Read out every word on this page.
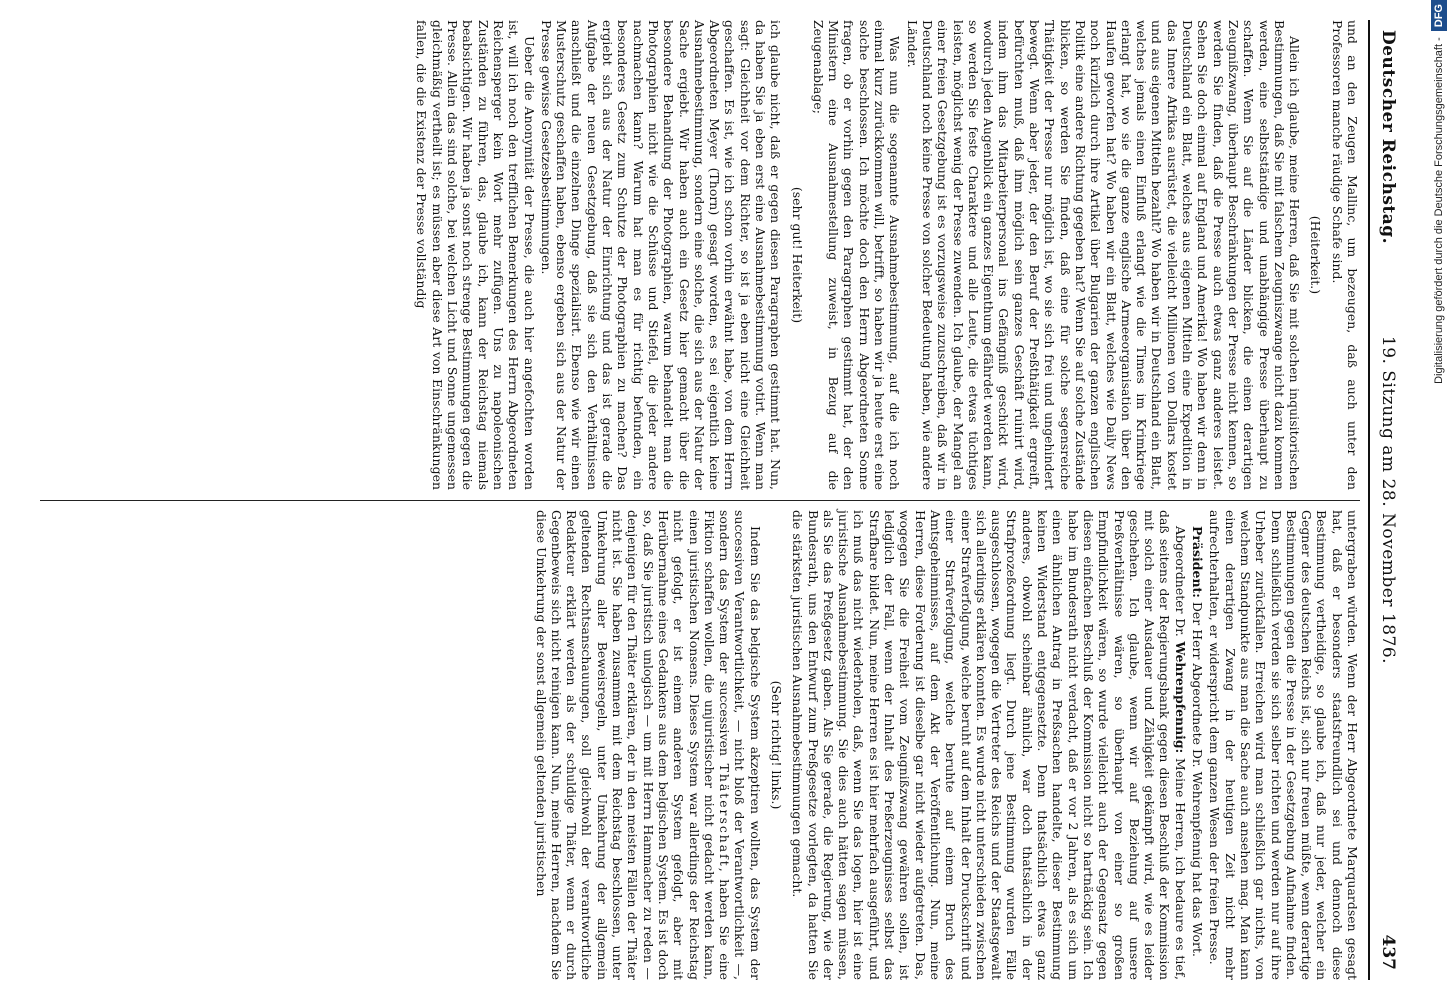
Deutscher Reichstag.
19. Sitzung am 28. November 1876.
437

und an den Zeugen Mallinc, um bezeugen, daß auch unter den Professoren manche räudige Schafe sind.

(Heiterkeit.)

Allein ich glaube, meine Herren, daß Sie mit solchen inquisitorischen Bestimmungen, daß Sie mit falschem Zeugniszwange nicht dazu kommen werden, eine selbstständige und unabhängige Presse überhaupt zu schaffen. Wenn Sie auf die Länder blicken, die einen derartigen Zeugnißzwang, überhaupt Beschränkungen der Presse nicht kennen, so werden Sie finden, daß die Presse auch etwas ganz anderes leistet. Sehen Sie doch einmal auf England und Amerika! Wo haben wir denn in Deutschland ein Blatt, welches aus eigenen Mitteln eine Expedition in das Innere Afrikas ausrüstet, die vielleicht Millionen von Dollars kostet und aus eigenen Mitteln bezahlt? Wo haben wir in Deutschland ein Blatt, welches jemals einen Einfluß erlangt wie die Times im Krimkriege erlangt hat, wo sie die ganze englische Armeeorganisation über den Haufen geworfen hat? Wo haben wir ein Blatt, welches wie Daily News noch kürzlich durch ihre Artikel über Bulgarien der ganzen englischen Politik eine andere Richtung gegeben hat? Wenn Sie auf solche Zustände blicken, so werden Sie finden, daß eine für solche segensreiche Thätigkeit der Presse nur möglich ist, wo sie sich frei und ungehindert bewegt. Wenn aber jeder, der den Beruf der Preßthätigkeit ergreift, befürchten muß, daß ihm möglich sein ganzes Geschäft ruinirt wird, indem ihm das Mitarbeiterpersonal ins Gefängniß geschickt wird, wodurch jeden Augenblick ein ganzes Eigenthum gefährdet werden kann, so werden Sie feste Charaktere und alle Leute, die etwas tüchtiges leisten, möglichst wenig der Presse zuwenden. Ich glaube, der Mangel an einer freien Gesetzgebung ist es vorzugsweise zuzuschreiben, daß wir in Deutschland noch keine Presse von solcher Bedeutung haben, wie andere Länder.

Was nun die sogenannte Ausnahmebestimmung, auf die ich noch einmal kurz zurückkommen will, betrifft, so haben wir ja heute erst eine solche beschlossen. Ich möchte doch den Herrn Abgeordneten Sonne fragen, ob er vorhin gegen den Paragraphen gestimmt hat, der den Ministern eine Ausnahmestellung zuweist, in Bezug auf die Zeugenablage;

(sehr gut! Heiterkeit)

ich glaube nicht, daß er gegen diesen Paragraphen gestimmt hat. Nun, da haben Sie ja eben erst eine Ausnahmebestimmung votirt. Wenn man sagt: Gleichheit vor dem Richter, so ist ja eben nicht eine Gleichheit geschaffen. Es ist, wie ich schon vorhin erwähnt habe, von dem Herrn Abgeordneten Meyer (Thorn) gesagt worden, es sei eigentlich keine Ausnahmebestimmung, sondern eine solche, die sich aus der Natur der Sache ergiebt. Wir haben auch ein Gesetz hier gemacht über die besondere Behandlung der Photographien, warum behandelt man die Photographien nicht wie die Schüsse und Stiefel, die jeder andere nachmachen kann? Warum hat man es für richtig befunden, ein besonderes Gesetz zum Schutze der Photographien zu machen? Das ergiebt sich aus der Natur der Einrichtung und das ist gerade die Aufgabe der neuen Gesetzgebung, daß sie sich den Verhältnissen anschließt und die einzelnen Dinge spezialisirt. Ebenso wie wir einen Musterschutz geschaffen haben, ebenso ergeben sich aus der Natur der Presse gewisse Gesetzesbestimmungen.

Ueber die Anonymität der Presse, die auch hier angefochten worden ist, will ich noch den trefflichen Bemerkungen des Herrn Abgeordneten Reichensperger kein Wort mehr zufügen. Uns zu napoleonischen Zuständen zu führen, das, glaube ich, kann der Reichstag niemals beabsichtigen. Wir haben ja sonst noch strenge Bestimmungen gegen die Presse. Allein das sind solche, bei welchen Licht und Sonne ungemessen gleichmäßig vertheilt ist; es müssen aber diese Art von Einschränkungen fallen, die die Existenz der Presse vollständig

untergraben würden. Wenn der Herr Abgeordnete Marquardsen gesagt hat, daß er besonders staatsfreundlich sei und dennoch diese Bestimmung vertheidige, so glaube ich, daß nur jeder, welcher ein Gegner des deutschen Reichs ist, sich nur freuen müßte, wenn derartige Bestimmungen gegen die Presse in der Gesetzgebung Aufnahme finden. Denn schließlich verden sie sich selber richten und werden nur auf ihre Urheber zurückfallen. Erreichen wird man schließlich gar nichts, von welchem Standpunkte aus man die Sache auch ansehen mag. Man kann einen derartigen Zwang in der heutigen Zeit nicht mehr aufrechterhalten, er widerspricht dem ganzen Wesen der freien Presse.

Präsident: Der Herr Abgeordnete Dr. Wehrenpfennig hat das Wort.

Abgeordneter Dr. Wehrenpfennig: Meine Herren, ich bedaure es tief, daß seitens der Regierungsbank gegen diesen Beschluß der Kommission mit solch einer Ausdauer und Zähigkeit gekämpft wird, wie es leider geschehen. Ich glaube, wenn wir auf Beziehung auf unsere Preßverhältnisse wären, so überhaupt von einer so großen Empfindlichkeit wären, so wurde vielleicht auch der Gegensatz gegen diesen einfachen Beschluß der Kommission nicht so hartnäckig sein. Ich habe im Bundesrath nicht verdacht, daß er vor 2 Jahren, als es sich um einen ähnlichen Antrag in Preßsachen handelte, dieser Bestimmung keinen Widerstand entgegensetzte. Denn thatsächlich etwas ganz anderes, obwohl scheinbar ähnlich, war doch thatsächlich in der Strafprozeßordnung liegt. Durch jene Bestimmung wurden Fälle ausgeschlossen, wogegen die Vertreter des Reichs und der Staatsgewalt sich allerdings erklären konnten. Es wurde nicht unterschieden zwischen einer Strafverfolgung, welche beruht auf dem Inhalt der Druckschrift und einer Strafverfolgung, welche beruhte auf einem Bruch des Amtsgeheimnisses, auf dem Akt der Veröffentlichung. Nun, meine Herren, diese Forderung ist dieselbe gar nicht wieder aufgetreten. Das, wogegen Sie die Freiheit vom Zeugnißzwang gewähren sollen, ist lediglich der Fall, wenn der Inhalt des Preßerzeugnisses selbst das Strafbare bildet. Nun, meine Herren es ist hier mehrfach ausgeführt, und ich muß das nicht wiederholen, daß, wenn Sie das logen, hier ist eine juristische Ausnahmebestimmung. Sie dies auch hätten sagen müssen, als Sie das Preßgesetz gaben. Als Sie gerade, die Regierung, wie der Bundesrath, uns den Entwurf zum Preßgesetze vorlegten, da hatten Sie die stärksten juristischen Ausnahmebestimmungen gemacht.

(Sehr richtig! links.)

Indem Sie das belgische System akzeptiren wollten, das System der successiven Verantwortlichkeit, — nicht bloß der Verantwortlichkeit —, sondern das System der successiven Thäterschaft, haben Sie eine Fiktion schaffen wollen, die unjuristischer nicht gedacht werden kann, einen juristischen Nonsens. Dieses System war allerdings der Reichstag nicht gefolgt, er ist einem anderen System gefolgt, aber mit Herübernahme eines Gedankens aus dem belgischen System. Es ist doch so, daß Sie juristisch unlogisch — um mit Herrn Hammacher zu reden — denjenigen für den Thäter erklären, der in den meisten Fällen der Thäter nicht ist. Sie haben zusammen mit dem Reichstag beschlossen, unter Umkehrung aller Beweisregeln, unter Umkehrung der allgemein geltenden Rechtsanschauungen, soll gleichwohl der verantwortliche Redakteur erklärt werden als der schuldige Thäter, wenn er durch Gegenbeweis sich nicht reinigen kann. Nun, meine Herren, nachdem Sie diese Umkehrung der sonst allgemein geltenden juristischen

Digitalisierung gefördert durch die Deutsche Forschungsgemeinschaft -DFG
